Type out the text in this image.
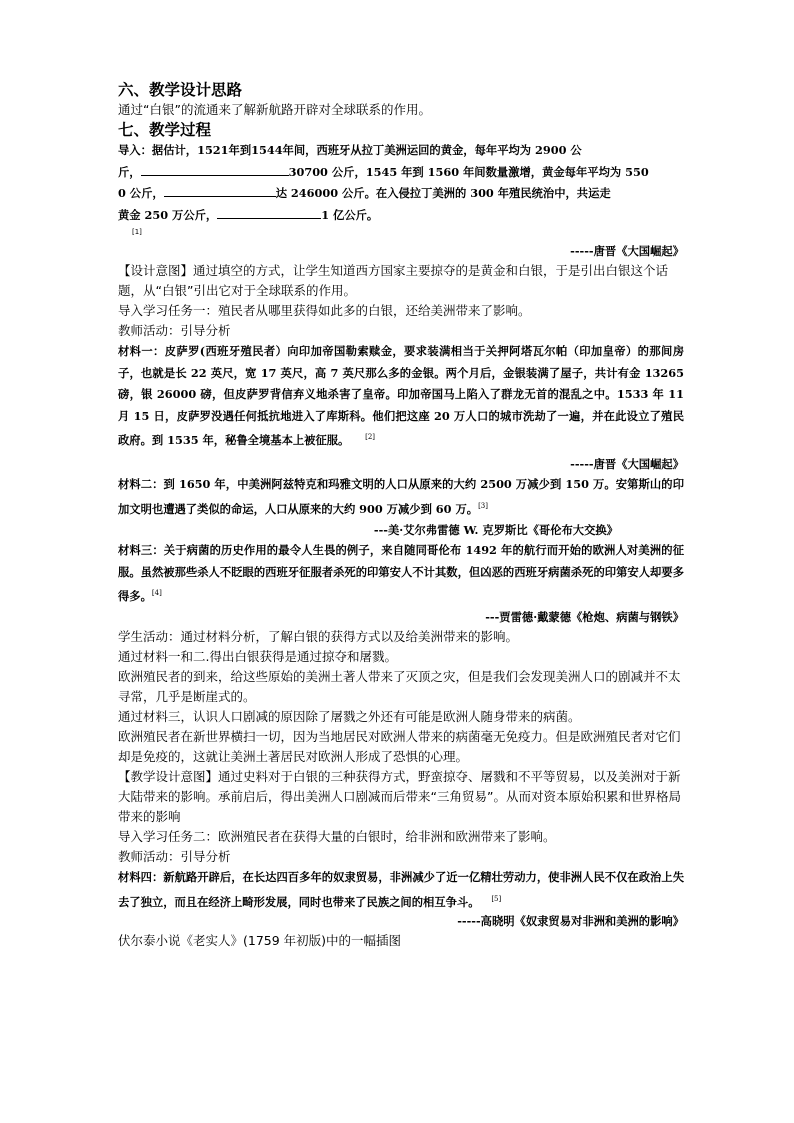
六、教学设计思路

通过“白银”的流通来了解新航路开辟对全球联系的作用。

七、教学过程

导入：据估计，1521年到1544年间，西班牙从拉丁美洲运回的黄金，每年平均为 2900 公

斤，	30700 公斤，1545 年到 1560 年间数量激增，黄金每年平均为 550

0 公斤，	达 246000 公斤。在入侵拉丁美洲的 300 年殖民统治中，共运走

黄金 250 万公斤，	1 亿公斤。

[1]

-----唐晋《大国崛起》

【设计意图】通过填空的方式，让学生知道西方国家主要掠夺的是黄金和白银，于是引出白银这个话题，从“白银”引出它对于全球联系的作用。

导入学习任务一：殖民者从哪里获得如此多的白银，还给美洲带来了影响。

教师活动：引导分析

材料一：皮萨罗(西班牙殖民者）向印加帝国勒索赎金，要求装满相当于关押阿塔瓦尔帕（印加皇帝）的那间房子，也就是长 22 英尺，宽 17 英尺，高 7 英尺那么多的金银。两个月后，金银装满了屋子，共计有金 13265 磅，银 26000 磅，但皮萨罗背信弃义地杀害了皇帝。印加帝国马上陷入了群龙无首的混乱之中。1533 年 11 月 15 日，皮萨罗没遇任何抵抗地进入了库斯科。他们把这座 20 万人口的城市洗劫了一遍，并在此设立了殖民政府。到 1535 年，秘鲁全境基本上被征服。 [2]

-----唐晋《大国崛起》

材料二：到 1650 年，中美洲阿兹特克和玛雅文明的人口从原来的大约 2500 万减少到 150 万。安第斯山的印加文明也遭遇了类似的命运，人口从原来的大约 900 万减少到 60 万。[3]

---美·艾尔弗雷德 W. 克罗斯比《哥伦布大交换》

材料三：关于病菌的历史作用的最令人生畏的例子，来自随同哥伦布 1492 年的航行而开始的欧洲人对美洲的征服。虽然被那些杀人不眨眼的西班牙征服者杀死的印第安人不计其数，但凶恶的西班牙病菌杀死的印第安人却要多得多。[4]

---贾雷德·戴蒙德《枪炮、病菌与钢铁》

学生活动：通过材料分析，了解白银的获得方式以及给美洲带来的影响。

通过材料一和二.得出白银获得是通过掠夺和屠戮。

欧洲殖民者的到来，给这些原始的美洲土著人带来了灭顶之灾，但是我们会发现美洲人口的剧减并不太寻常，几乎是断崖式的。

通过材料三，认识人口剧减的原因除了屠戮之外还有可能是欧洲人随身带来的病菌。

欧洲殖民者在新世界横扫一切，因为当地居民对欧洲人带来的病菌毫无免疫力。但是欧洲殖民者对它们却是免疫的，这就让美洲土著居民对欧洲人形成了恐惧的心理。

【教学设计意图】通过史料对于白银的三种获得方式，野蛮掠夺、屠戮和不平等贸易，以及美洲对于新大陆带来的影响。承前启后，得出美洲人口剧减而后带来“三角贸易”。从而对资本原始积累和世界格局带来的影响

导入学习任务二：欧洲殖民者在获得大量的白银时，给非洲和欧洲带来了影响。

教师活动：引导分析

材料四：新航路开辟后，在长达四百多年的奴隶贸易，非洲减少了近一亿精壮劳动力，使非洲人民不仅在政治上失去了独立，而且在经济上畸形发展，同时也带来了民族之间的相互争斗。 [5]

-----高晓明《奴隶贸易对非洲和美洲的影响》

伏尔泰小说《老实人》(1759 年初版)中的一幅插图
